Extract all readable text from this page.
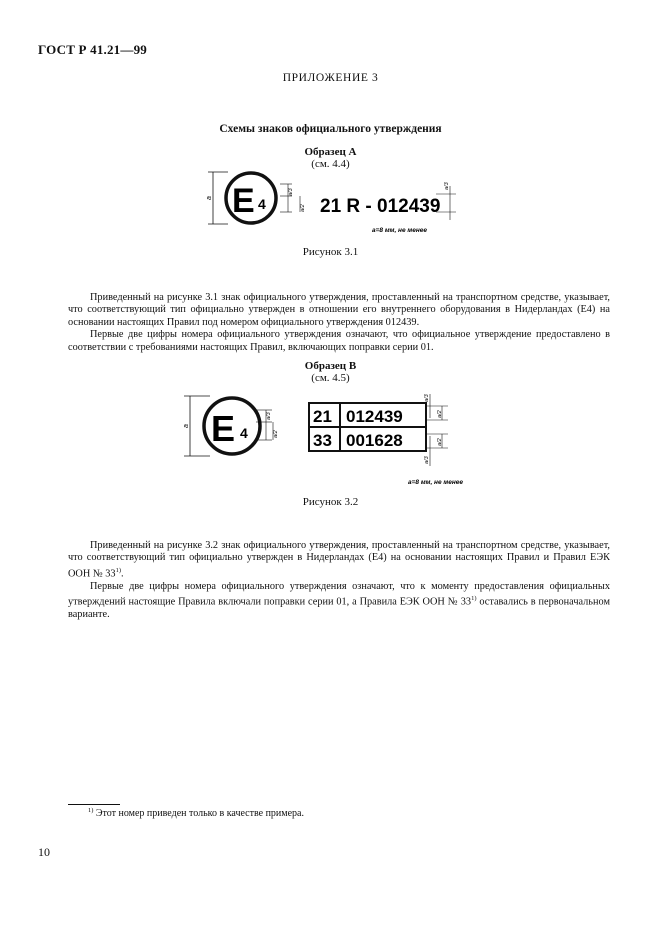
ГОСТ Р 41.21—99
ПРИЛОЖЕНИЕ 3
Схемы знаков официального утверждения
Образец А
(см. 4.4)
a E 4
a/3
a/2 21 R - 012439
a/3
a=8 мм, не менее
Рисунок 3.1

Приведенный на рисунке 3.1 знак официального утверждения, проставленный на транспортном средстве, указывает, что соответствующий тип официально утвержден в отношении его внутреннего оборудования в Нидерландах (Е4) на основании настоящих Правил под номером официального утверждения 012439.

Первые две цифры номера официального утверждения означают, что официальное утверждение предоставлено в соответствии с требованиями настоящих Правил, включающих поправки серии 01.

Образец В
(см. 4.5)
a E 4
a/3
a/2
21 012439
33 001628
a/3
a/2
a/2
a/3
a=8 мм, не менее
Рисунок 3.2

Приведенный на рисунке 3.2 знак официального утверждения, проставленный на транспортном средстве, указывает, что соответствующий тип официально утвержден в Нидерландах (Е4) на основании настоящих Правил и Правил ЕЭК ООН № 33$^{1)}$.

Первые две цифры номера официального утверждения означают, что к моменту предоставления официальных утверждений настоящие Правила включали поправки серии 01, а Правила ЕЭК ООН № 33$^{1)}$ оставались в первоначальном варианте.

$^{1)}$ Этот номер приведен только в качестве примера.
10
